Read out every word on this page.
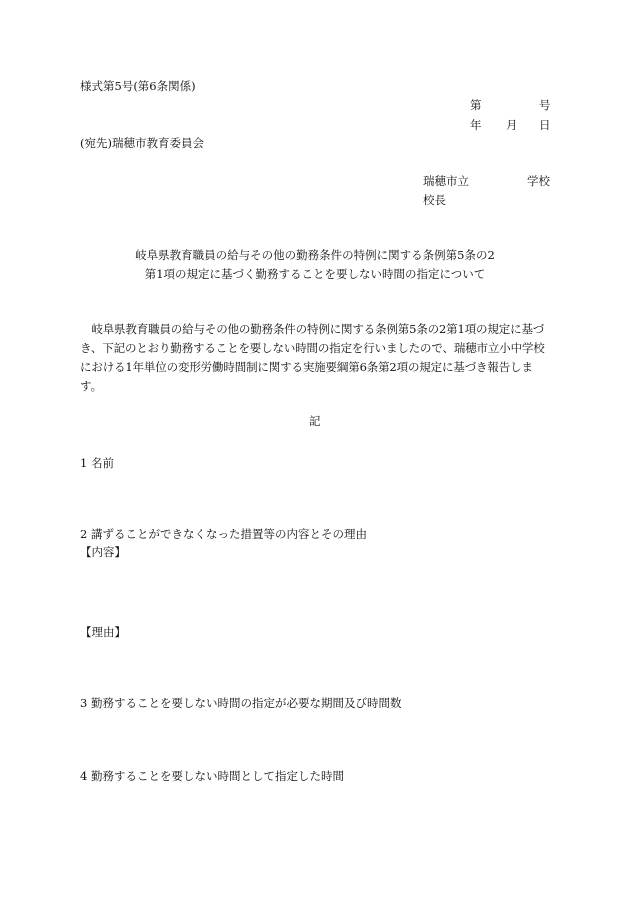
様式第5号(第6条関係)
第	号
年 月 日
(宛先)瑞穂市教育委員会
瑞穂市立	学校
校長
岐阜県教育職員の給与その他の勤務条件の特例に関する条例第5条の2
第1項の規定に基づく勤務することを要しない時間の指定について
　岐阜県教育職員の給与その他の勤務条件の特例に関する条例第5条の2第1項の規定に基づ
き、下記のとおり勤務することを要しない時間の指定を行いましたので、瑞穂市立小中学校
における1年単位の変形労働時間制に関する実施要綱第6条第2項の規定に基づき報告しま
す。
記
1 名前
2 講ずることができなくなった措置等の内容とその理由
【内容】
【理由】
3 勤務することを要しない時間の指定が必要な期間及び時間数
4 勤務することを要しない時間として指定した時間
